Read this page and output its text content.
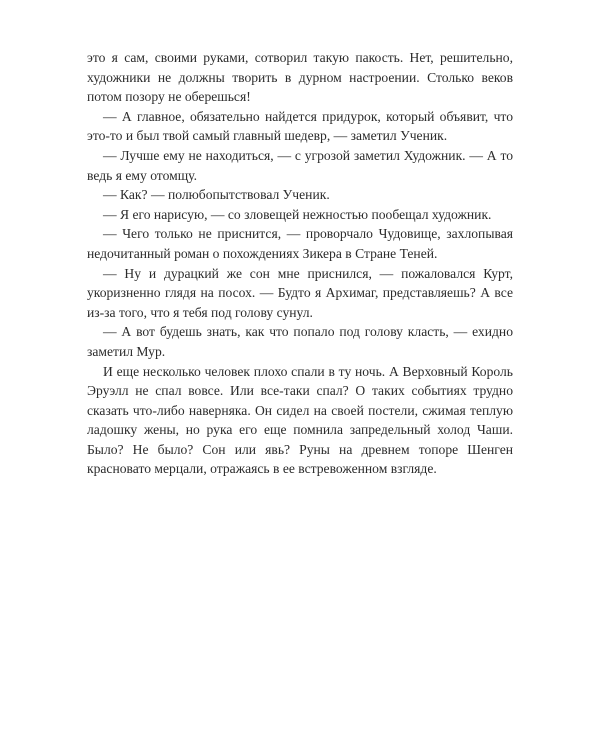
это я сам, своими руками, сотворил такую пакость. Нет, решительно, художники не должны творить в дурном настроении. Столько веков потом позору не оберешься!

— А главное, обязательно найдется придурок, который объявит, что это-то и был твой самый главный шедевр, — заметил Ученик.

— Лучше ему не находиться, — с угрозой заметил Художник. — А то ведь я ему отомщу.

— Как? — полюбопытствовал Ученик.

— Я его нарисую, — со зловещей нежностью пообещал художник.

— Чего только не приснится, — проворчало Чудовище, захлопывая недочитанный роман о похождениях Зикера в Стране Теней.

— Ну и дурацкий же сон мне приснился, — пожаловался Курт, укоризненно глядя на посох. — Будто я Архимаг, представляешь? А все из-за того, что я тебя под голову сунул.

— А вот будешь знать, как что попало под голову класть, — ехидно заметил Мур.

И еще несколько человек плохо спали в ту ночь. А Верховный Король Эруэлл не спал вовсе. Или все-таки спал? О таких событиях трудно сказать что-либо наверняка. Он сидел на своей постели, сжимая теплую ладошку жены, но рука его еще помнила запредельный холод Чаши. Было? Не было? Сон или явь? Руны на древнем топоре Шенген красновато мерцали, отражаясь в ее встревоженном взгляде.
